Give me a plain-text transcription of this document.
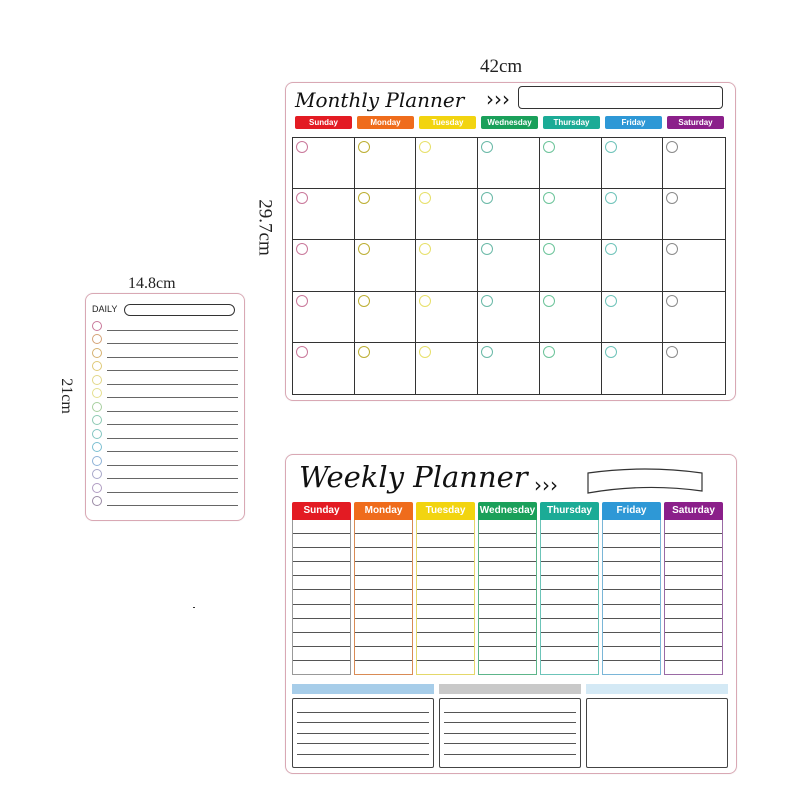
42cm
29.7cm
14.8cm
21cm
Monthly Planner ›››
Sunday	Monday	Tuesday	Wednesday	Thursday	Friday	Saturday
DAILY
Weekly Planner ›››
Sunday	Monday	Tuesday	Wednesday	Thursday	Friday	Saturday
